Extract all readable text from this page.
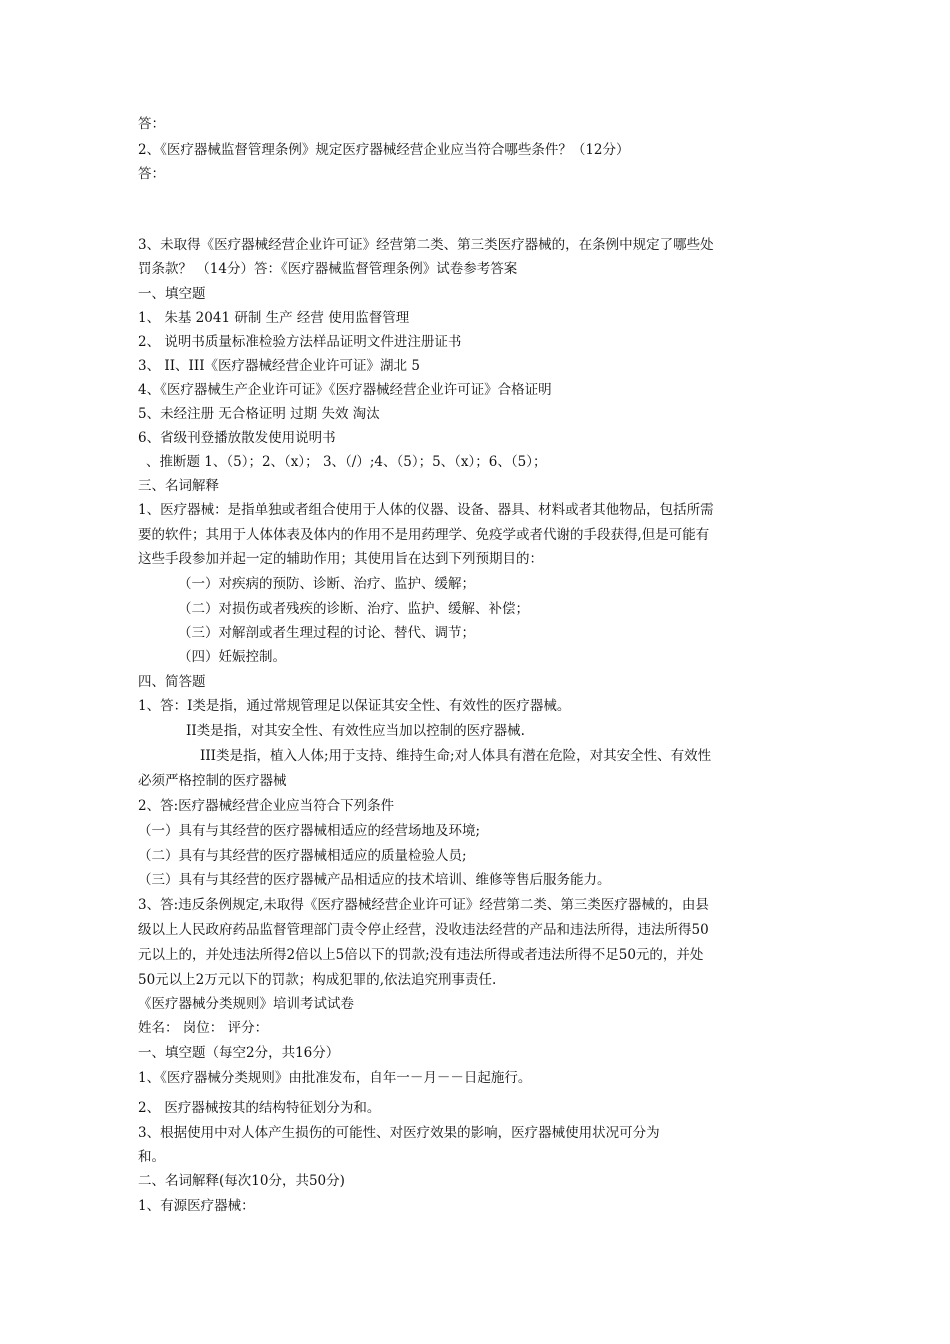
答：
2、《医疗器械监督管理条例》规定医疗器械经营企业应当符合哪些条件？（12分）
答：
3、未取得《医疗器械经营企业许可证》经营第二类、第三类医疗器械的，在条例中规定了哪些处
罚条款？ （14分）答：《医疗器械监督管理条例》试卷参考答案
一、填空题
1、 朱基 2041 研制 生产 经营 使用监督管理
2、 说明书质量标准检验方法样品证明文件进注册证书
3、 II、III《医疗器械经营企业许可证》湖北 5
4、《医疗器械生产企业许可证》《医疗器械经营企业许可证》合格证明
5、未经注册 无合格证明 过期 失效 淘汰
6、省级刊登播放散发使用说明书
、推断题 1、（5）；2、（x）； 3、（/）;4、（5）；5、（x）；6、（5）；
三、名词解释
1、医疗器械：是指单独或者组合使用于人体的仪器、设备、器具、材料或者其他物品，包括所需
要的软件；其用于人体体表及体内的作用不是用药理学、免疫学或者代谢的手段获得,但是可能有
这些手段参加并起一定的辅助作用；其使用旨在达到下列预期目的：
（一）对疾病的预防、诊断、治疗、监护、缓解；
（二）对损伤或者残疾的诊断、治疗、监护、缓解、补偿；
（三）对解剖或者生理过程的讨论、替代、调节；
（四）妊娠控制。
四、简答题
1、答：I类是指，通过常规管理足以保证其安全性、有效性的医疗器械。
II类是指，对其安全性、有效性应当加以控制的医疗器械.
III类是指，植入人体;用于支持、维持生命;对人体具有潜在危险，对其安全性、有效性
必须严格控制的医疗器械
2、答:医疗器械经营企业应当符合下列条件
（一）具有与其经营的医疗器械相适应的经营场地及环境;
（二）具有与其经营的医疗器械相适应的质量检验人员;
（三）具有与其经营的医疗器械产品相适应的技术培训、维修等售后服务能力。
3、答:违反条例规定,未取得《医疗器械经营企业许可证》经营第二类、第三类医疗器械的，由县
级以上人民政府药品监督管理部门责令停止经营，没收违法经营的产品和违法所得，违法所得50
元以上的，并处违法所得2倍以上5倍以下的罚款;没有违法所得或者违法所得不足50元的，并处
50元以上2万元以下的罚款；构成犯罪的,依法追究刑事责任.
《医疗器械分类规则》培训考试试卷
姓名： 岗位： 评分：
一、填空题（每空2分，共16分）
1、《医疗器械分类规则》由批准发布，自年一－月－－日起施行。
2、 医疗器械按其的结构特征划分为和。
3、根据使用中对人体产生损伤的可能性、对医疗效果的影响，医疗器械使用状况可分为
和。
二、名词解释(每次10分，共50分)
1、有源医疗器械：
